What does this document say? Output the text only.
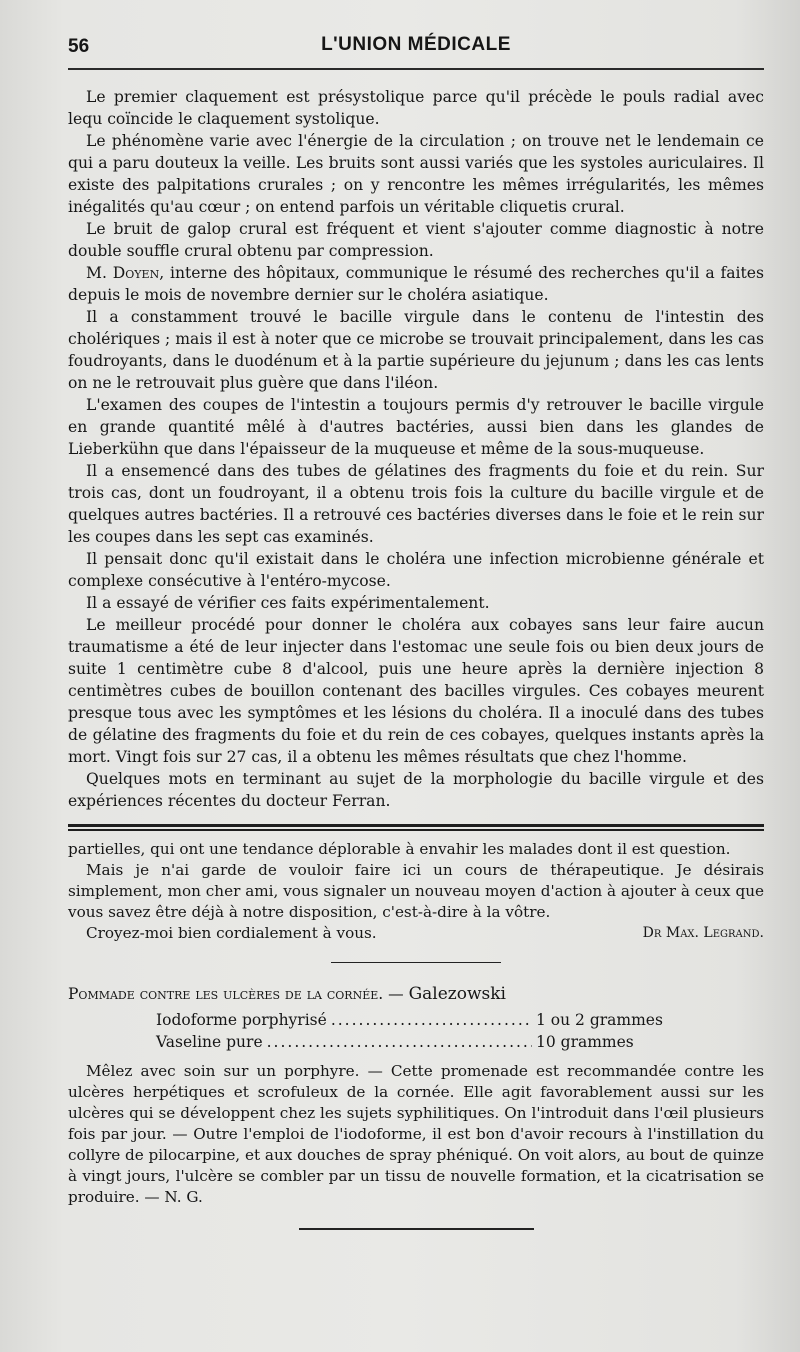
56	L'UNION MÉDICALE

Le premier claquement est présystolique parce qu'il précède le pouls radial avec lequ coïncide le claquement systolique.

Le phénomène varie avec l'énergie de la circulation ; on trouve net le lendemain ce qui a paru douteux la veille. Les bruits sont aussi variés que les systoles auriculaires. Il existe des palpitations crurales ; on y rencontre les mêmes irrégularités, les mêmes inégalités qu'au cœur ; on entend parfois un véritable cliquetis crural.

Le bruit de galop crural est fréquent et vient s'ajouter comme diagnostic à notre double souffle crural obtenu par compression.

M. Doyen, interne des hôpitaux, communique le résumé des recherches qu'il a faites depuis le mois de novembre dernier sur le choléra asiatique.

Il a constamment trouvé le bacille virgule dans le contenu de l'intestin des cholériques ; mais il est à noter que ce microbe se trouvait principalement, dans les cas foudroyants, dans le duodénum et à la partie supérieure du jejunum ; dans les cas lents on ne le retrouvait plus guère que dans l'iléon.

L'examen des coupes de l'intestin a toujours permis d'y retrouver le bacille virgule en grande quantité mêlé à d'autres bactéries, aussi bien dans les glandes de Lieberkühn que dans l'épaisseur de la muqueuse et même de la sous-muqueuse.

Il a ensemencé dans des tubes de gélatines des fragments du foie et du rein. Sur trois cas, dont un foudroyant, il a obtenu trois fois la culture du bacille virgule et de quelques autres bactéries. Il a retrouvé ces bactéries diverses dans le foie et le rein sur les coupes dans les sept cas examinés.

Il pensait donc qu'il existait dans le choléra une infection microbienne générale et complexe consécutive à l'entéro-mycose.

Il a essayé de vérifier ces faits expérimentalement.

Le meilleur procédé pour donner le choléra aux cobayes sans leur faire aucun traumatisme a été de leur injecter dans l'estomac une seule fois ou bien deux jours de suite 1 centimètre cube 8 d'alcool, puis une heure après la dernière injection 8 centimètres cubes de bouillon contenant des bacilles virgules. Ces cobayes meurent presque tous avec les symptômes et les lésions du choléra. Il a inoculé dans des tubes de gélatine des fragments du foie et du rein de ces cobayes, quelques instants après la mort. Vingt fois sur 27 cas, il a obtenu les mêmes résultats que chez l'homme.

Quelques mots en terminant au sujet de la morphologie du bacille virgule et des expériences récentes du docteur Ferran.

partielles, qui ont une tendance déplorable à envahir les malades dont il est question.

Mais je n'ai garde de vouloir faire ici un cours de thérapeutique. Je désirais simplement, mon cher ami, vous signaler un nouveau moyen d'action à ajouter à ceux que vous savez être déjà à notre disposition, c'est-à-dire à la vôtre.

Croyez-moi bien cordialement à vous.	Dr Max. Legrand.

Pommade contre les ulcères de la cornée. — Galezowski

Iodoforme porphyrisé .....	1 ou 2 grammes
Vaseline pure .....	10 grammes

Mêlez avec soin sur un porphyre. — Cette promenade est recommandée contre les ulcères herpétiques et scrofuleux de la cornée. Elle agit favorablement aussi sur les ulcères qui se développent chez les sujets syphilitiques. On l'introduit dans l'œil plusieurs fois par jour. — Outre l'emploi de l'iodoforme, il est bon d'avoir recours à l'instillation du collyre de pilocarpine, et aux douches de spray phéniqué. On voit alors, au bout de quinze à vingt jours, l'ulcère se combler par un tissu de nouvelle formation, et la cicatrisation se produire. — N. G.
